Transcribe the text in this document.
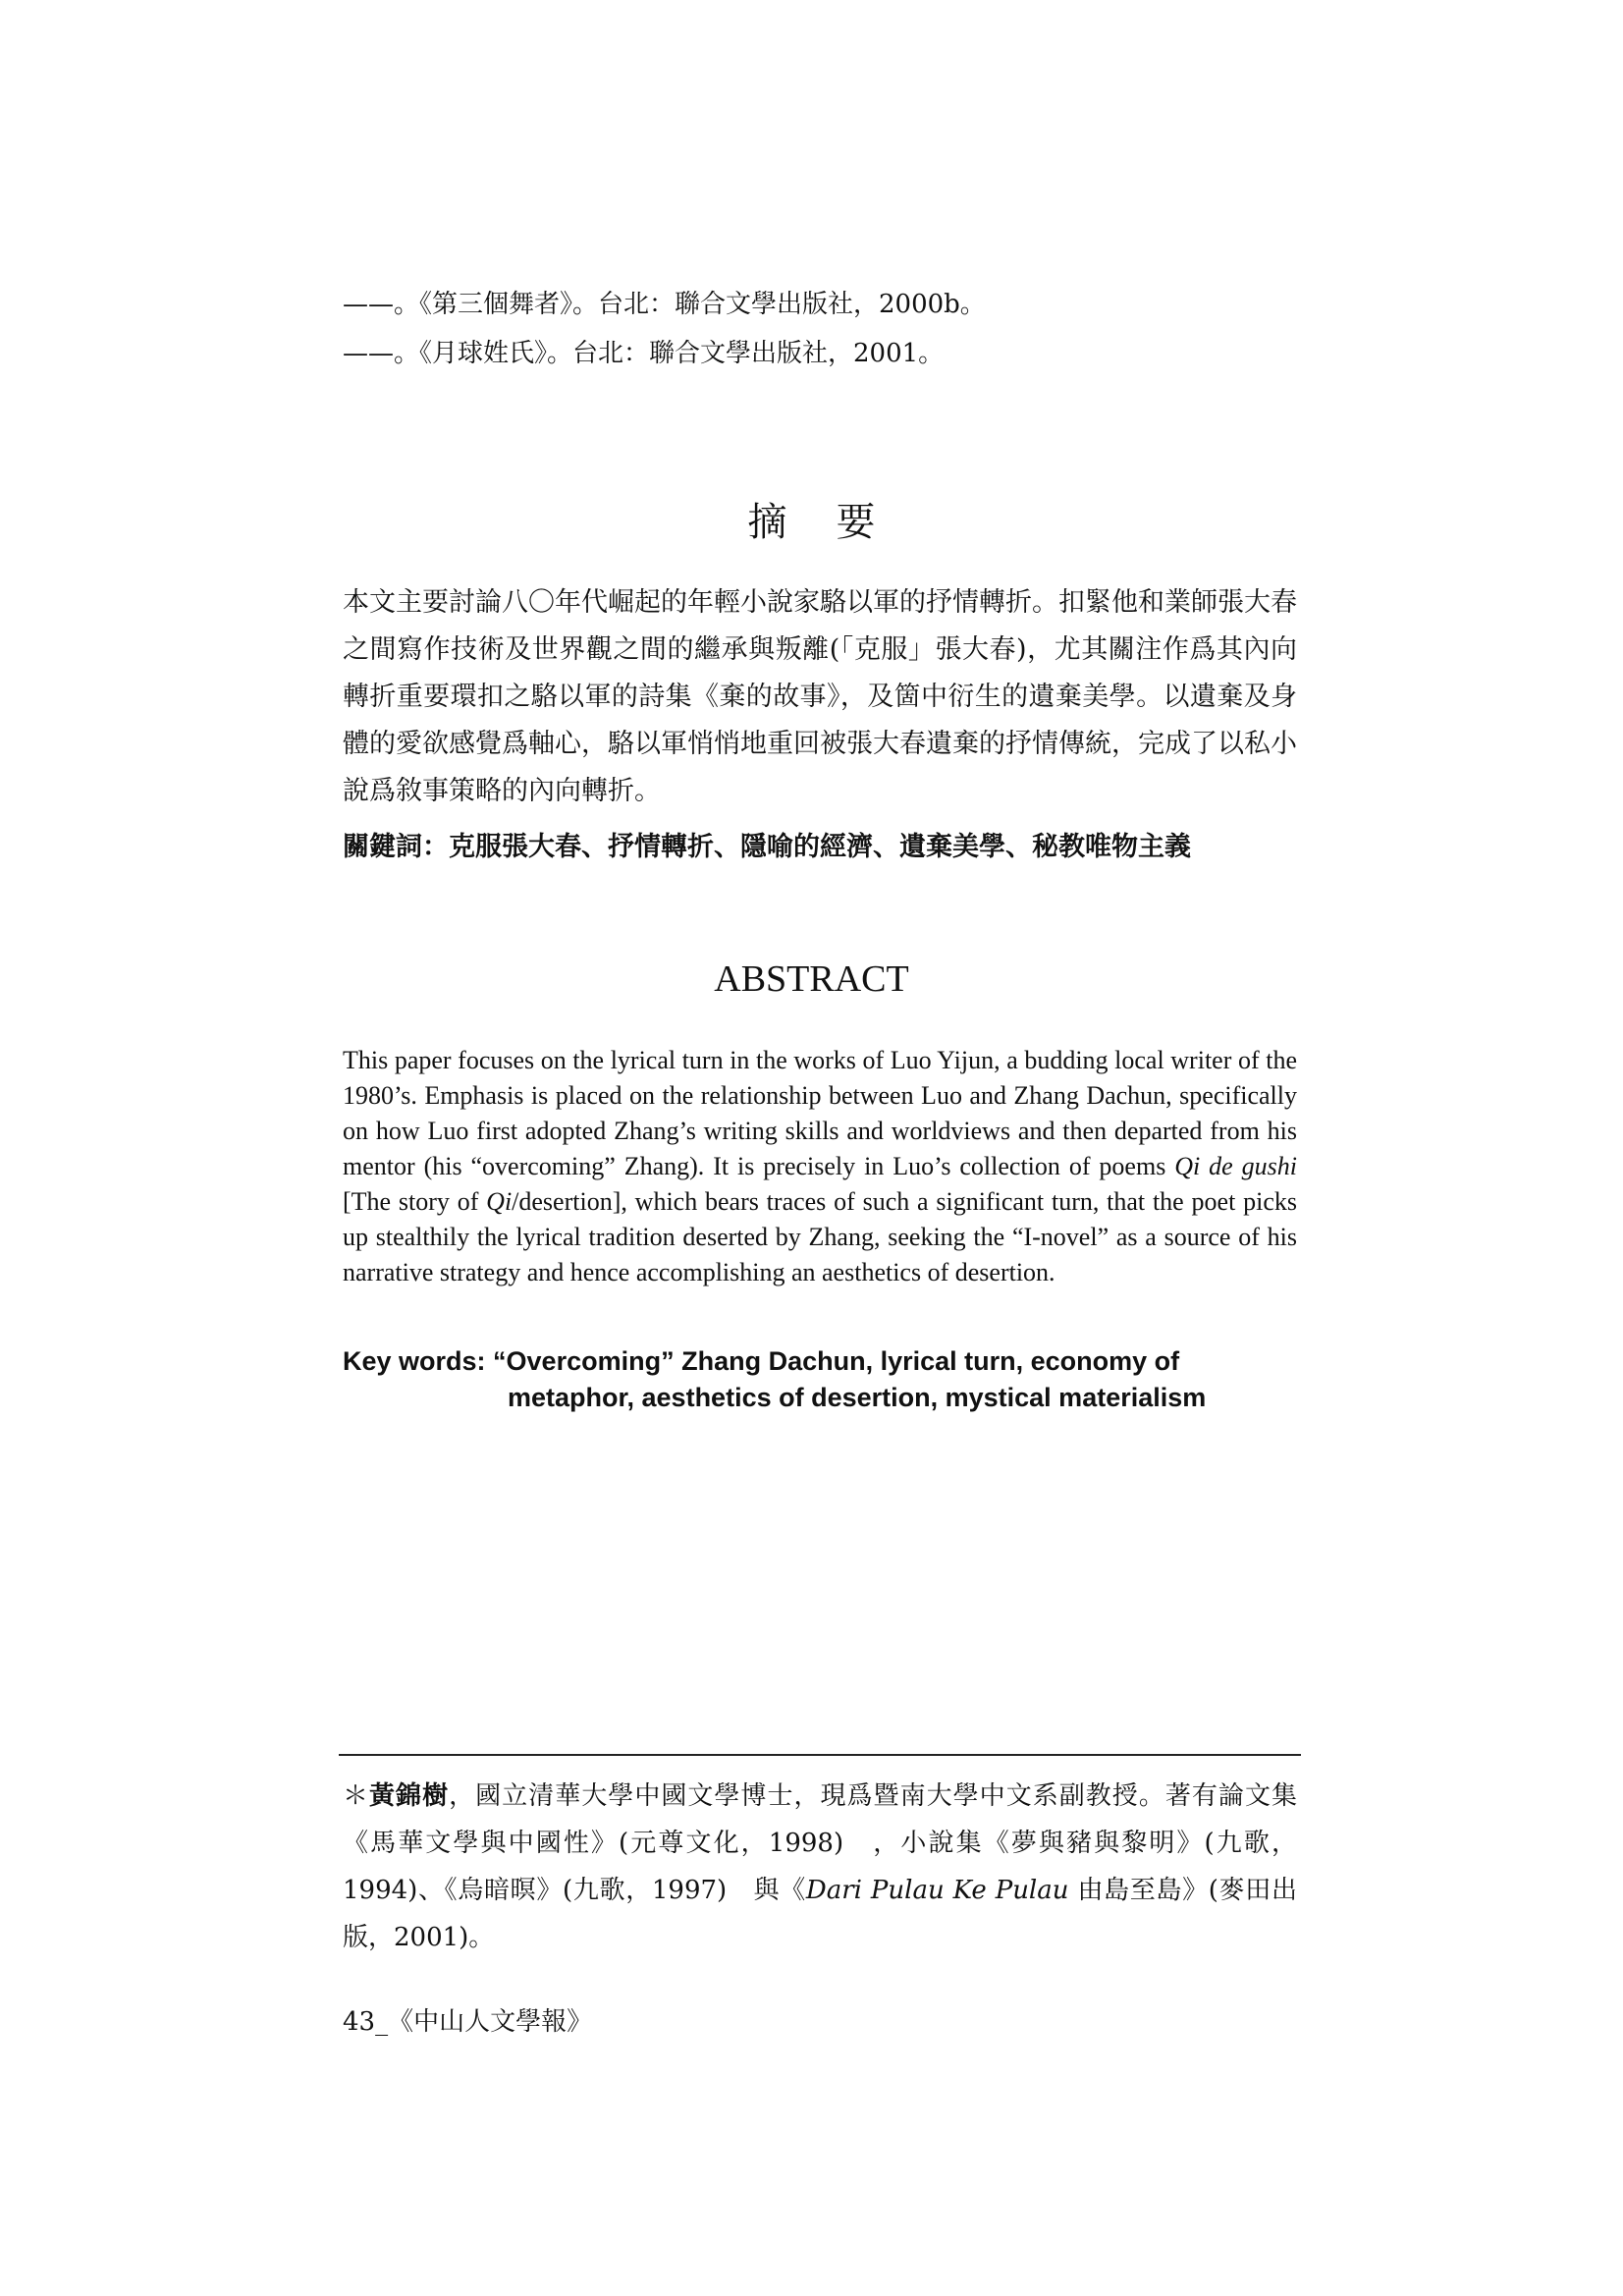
——。《第三個舞者》。台北：聯合文學出版社，2000b。
——。《月球姓氏》。台北：聯合文學出版社，2001。
摘要

本文主要討論八〇年代崛起的年輕小說家駱以軍的抒情轉折。扣緊他和業師張大春之間寫作技術及世界觀之間的繼承與叛離(「克服」張大春)，尤其關注作爲其內向轉折重要環扣之駱以軍的詩集《棄的故事》，及箇中衍生的遺棄美學。以遺棄及身體的愛欲感覺爲軸心，駱以軍悄悄地重回被張大春遺棄的抒情傳統，完成了以私小說爲敘事策略的內向轉折。

關鍵詞：克服張大春、抒情轉折、隱喻的經濟、遺棄美學、秘教唯物主義

ABSTRACT

This paper focuses on the lyrical turn in the works of Luo Yijun, a budding local writer of the 1980’s. Emphasis is placed on the relationship between Luo and Zhang Dachun, specifically on how Luo first adopted Zhang’s writing skills and worldviews and then departed from his mentor (his “overcoming” Zhang). It is precisely in Luo’s collection of poems Qi de gushi [The story of Qi/desertion], which bears traces of such a significant turn, that the poet picks up stealthily the lyrical tradition deserted by Zhang, seeking the “I-novel” as a source of his narrative strategy and hence accomplishing an aesthetics of desertion.

Key words: “Overcoming” Zhang Dachun, lyrical turn, economy of
metaphor, aesthetics of desertion, mystical materialism

＊黃錦樹，國立清華大學中國文學博士，現爲暨南大學中文系副教授。著有論文集《馬華文學與中國性》(元尊文化，1998)　，小說集《夢與豬與黎明》(九歌，1994)、《烏暗暝》(九歌，1997)　與《Dari Pulau Ke Pulau 由島至島》(麥田出版，2001)。

43_《中山人文學報》
